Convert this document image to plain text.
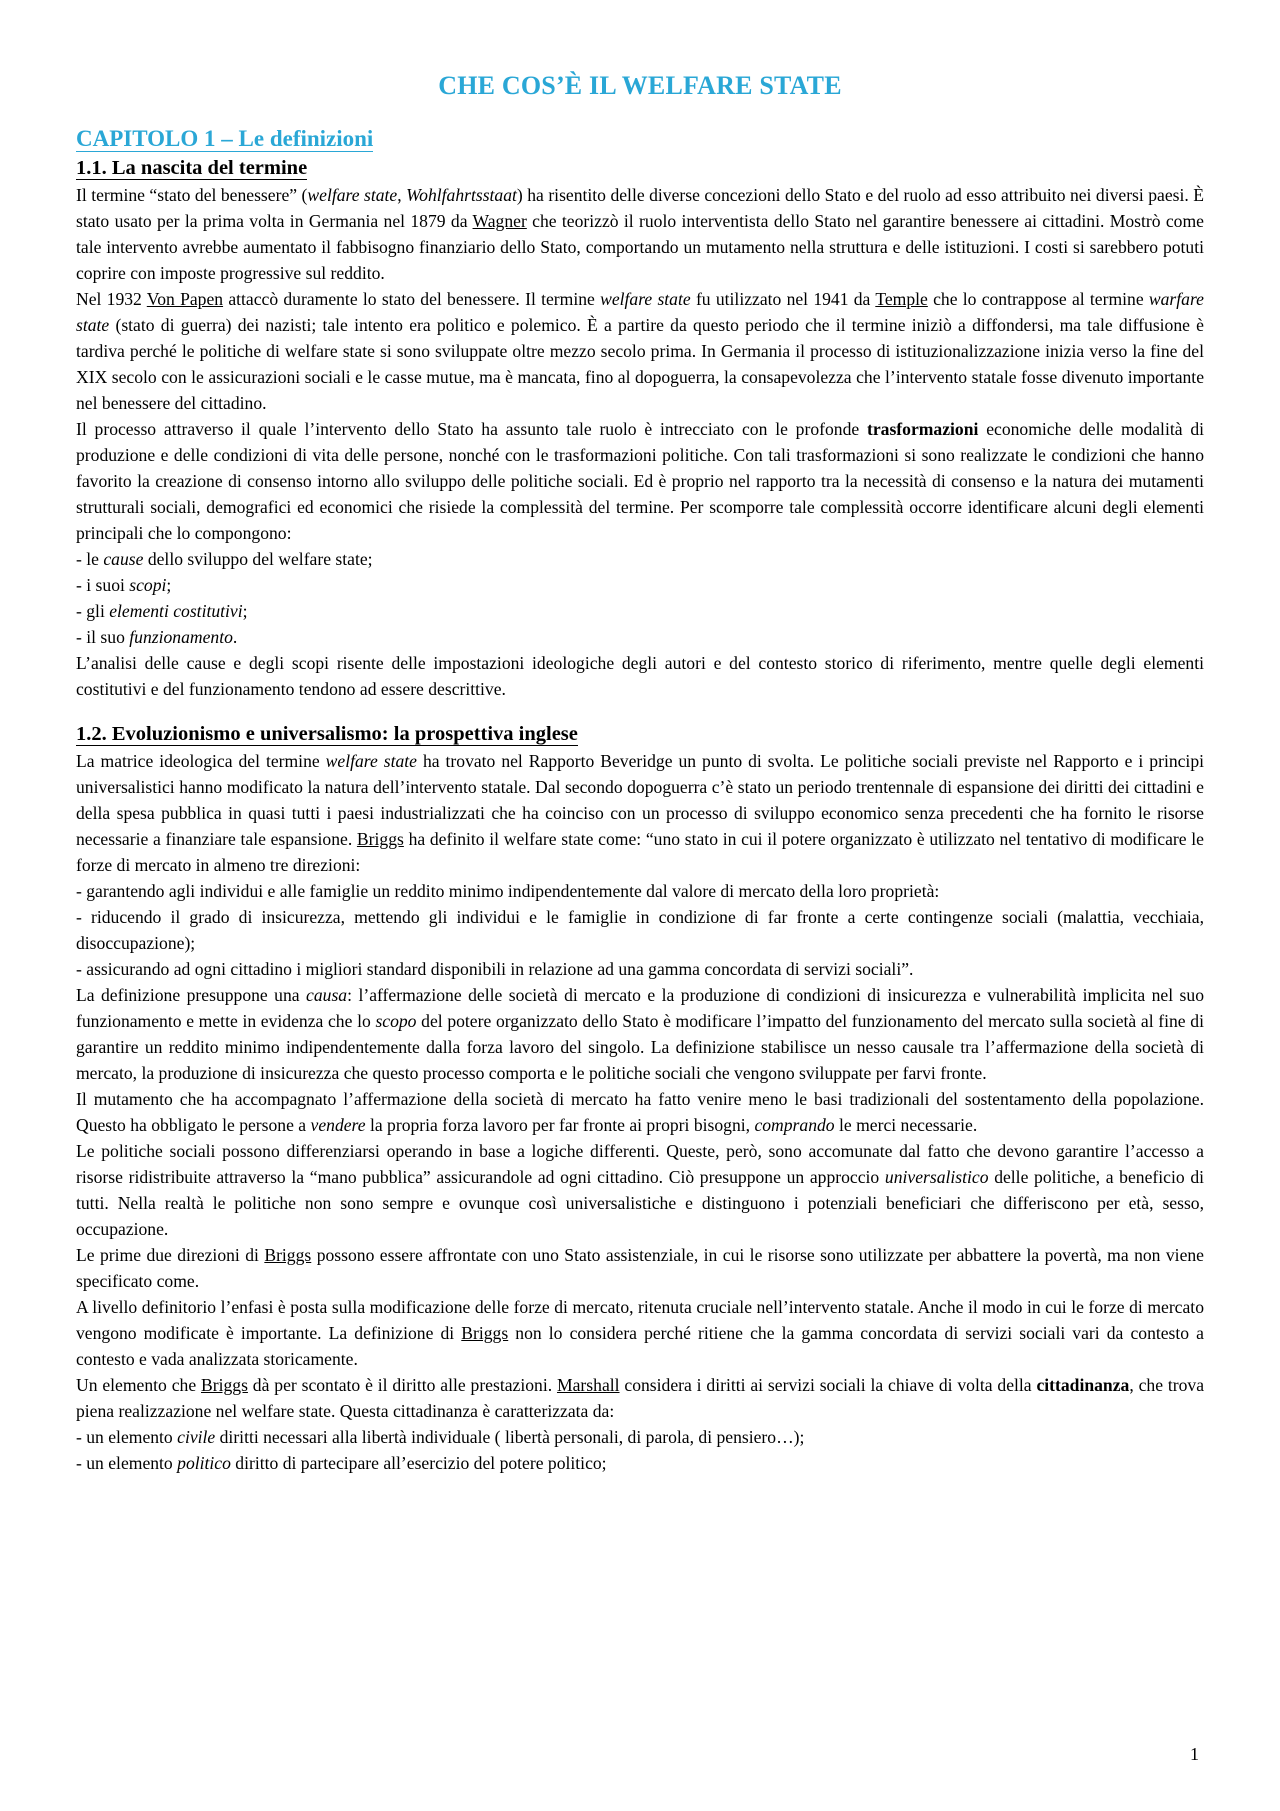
CHE COS’È IL WELFARE STATE
CAPITOLO 1 – Le definizioni
1.1. La nascita del termine

Il termine “stato del benessere” (welfare state, Wohlfahrtsstaat) ha risentito delle diverse concezioni dello Stato e del ruolo ad esso attribuito nei diversi paesi. È stato usato per la prima volta in Germania nel 1879 da Wagner che teorizzò il ruolo interventista dello Stato nel garantire benessere ai cittadini. Mostrò come tale intervento avrebbe aumentato il fabbisogno finanziario dello Stato, comportando un mutamento nella struttura e delle istituzioni. I costi si sarebbero potuti coprire con imposte progressive sul reddito.

Nel 1932 Von Papen attaccò duramente lo stato del benessere. Il termine welfare state fu utilizzato nel 1941 da Temple che lo contrappose al termine warfare state (stato di guerra) dei nazisti; tale intento era politico e polemico. È a partire da questo periodo che il termine iniziò a diffondersi, ma tale diffusione è tardiva perché le politiche di welfare state si sono sviluppate oltre mezzo secolo prima. In Germania il processo di istituzionalizzazione inizia verso la fine del XIX secolo con le assicurazioni sociali e le casse mutue, ma è mancata, fino al dopoguerra, la consapevolezza che l’intervento statale fosse divenuto importante nel benessere del cittadino.

Il processo attraverso il quale l’intervento dello Stato ha assunto tale ruolo è intrecciato con le profonde trasformazioni economiche delle modalità di produzione e delle condizioni di vita delle persone, nonché con le trasformazioni politiche. Con tali trasformazioni si sono realizzate le condizioni che hanno favorito la creazione di consenso intorno allo sviluppo delle politiche sociali. Ed è proprio nel rapporto tra la necessità di consenso e la natura dei mutamenti strutturali sociali, demografici ed economici che risiede la complessità del termine. Per scomporre tale complessità occorre identificare alcuni degli elementi principali che lo compongono:

- le cause dello sviluppo del welfare state;
- i suoi scopi;
- gli elementi costitutivi;
- il suo funzionamento.

L’analisi delle cause e degli scopi risente delle impostazioni ideologiche degli autori e del contesto storico di riferimento, mentre quelle degli elementi costitutivi e del funzionamento tendono ad essere descrittive.

1.2. Evoluzionismo e universalismo: la prospettiva inglese

La matrice ideologica del termine welfare state ha trovato nel Rapporto Beveridge un punto di svolta. Le politiche sociali previste nel Rapporto e i principi universalistici hanno modificato la natura dell’intervento statale. Dal secondo dopoguerra c’è stato un periodo trentennale di espansione dei diritti dei cittadini e della spesa pubblica in quasi tutti i paesi industrializzati che ha coinciso con un processo di sviluppo economico senza precedenti che ha fornito le risorse necessarie a finanziare tale espansione. Briggs ha definito il welfare state come: “uno stato in cui il potere organizzato è utilizzato nel tentativo di modificare le forze di mercato in almeno tre direzioni:

- garantendo agli individui e alle famiglie un reddito minimo indipendentemente dal valore di mercato della loro proprietà:

- riducendo il grado di insicurezza, mettendo gli individui e le famiglie in condizione di far fronte a certe contingenze sociali (malattia, vecchiaia, disoccupazione);

- assicurando ad ogni cittadino i migliori standard disponibili in relazione ad una gamma concordata di servizi sociali”.

La definizione presuppone una causa: l’affermazione delle società di mercato e la produzione di condizioni di insicurezza e vulnerabilità implicita nel suo funzionamento e mette in evidenza che lo scopo del potere organizzato dello Stato è modificare l’impatto del funzionamento del mercato sulla società al fine di garantire un reddito minimo indipendentemente dalla forza lavoro del singolo. La definizione stabilisce un nesso causale tra l’affermazione della società di mercato, la produzione di insicurezza che questo processo comporta e le politiche sociali che vengono sviluppate per farvi fronte.

Il mutamento che ha accompagnato l’affermazione della società di mercato ha fatto venire meno le basi tradizionali del sostentamento della popolazione. Questo ha obbligato le persone a vendere la propria forza lavoro per far fronte ai propri bisogni, comprando le merci necessarie.

Le politiche sociali possono differenziarsi operando in base a logiche differenti. Queste, però, sono accomunate dal fatto che devono garantire l’accesso a risorse ridistribuite attraverso la “mano pubblica” assicurandole ad ogni cittadino. Ciò presuppone un approccio universalistico delle politiche, a beneficio di tutti. Nella realtà le politiche non sono sempre e ovunque così universalistiche e distinguono i potenziali beneficiari che differiscono per età, sesso, occupazione.

Le prime due direzioni di Briggs possono essere affrontate con uno Stato assistenziale, in cui le risorse sono utilizzate per abbattere la povertà, ma non viene specificato come.

A livello definitorio l’enfasi è posta sulla modificazione delle forze di mercato, ritenuta cruciale nell’intervento statale. Anche il modo in cui le forze di mercato vengono modificate è importante. La definizione di Briggs non lo considera perché ritiene che la gamma concordata di servizi sociali vari da contesto a contesto e vada analizzata storicamente.

Un elemento che Briggs dà per scontato è il diritto alle prestazioni. Marshall considera i diritti ai servizi sociali la chiave di volta della cittadinanza, che trova piena realizzazione nel welfare state. Questa cittadinanza è caratterizzata da:

- un elemento civile diritti necessari alla libertà individuale ( libertà personali, di parola, di pensiero…);
- un elemento politico diritto di partecipare all’esercizio del potere politico;
1
